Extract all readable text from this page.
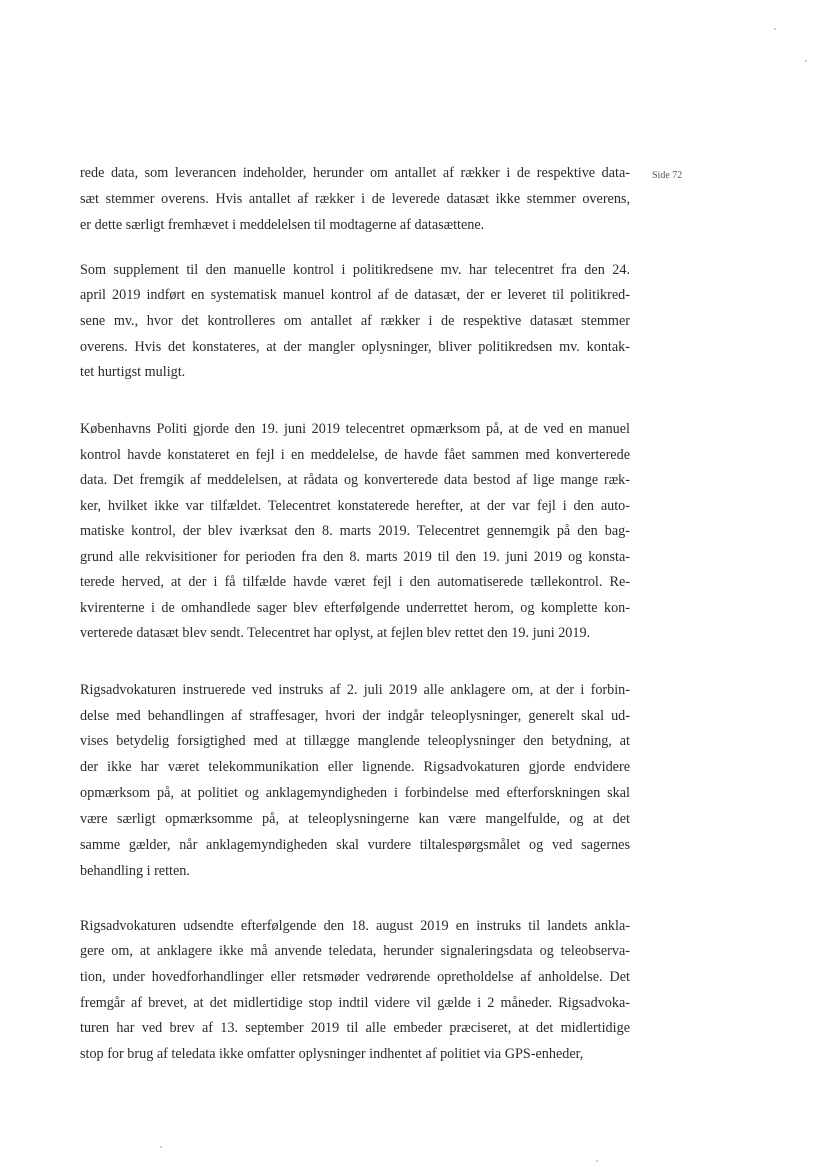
Side 72
rede data, som leverancen indeholder, herunder om antallet af rækker i de respektive data-
sæt stemmer overens. Hvis antallet af rækker i de leverede datasæt ikke stemmer overens,
er dette særligt fremhævet i meddelelsen til modtagerne af datasættene.
Som supplement til den manuelle kontrol i politikredsene mv. har telecentret fra den 24.
april 2019 indført en systematisk manuel kontrol af de datasæt, der er leveret til politikred-
sene mv., hvor det kontrolleres om antallet af rækker i de respektive datasæt stemmer
overens. Hvis det konstateres, at der mangler oplysninger, bliver politikredsen mv. kontak-
tet hurtigst muligt.
Københavns Politi gjorde den 19. juni 2019 telecentret opmærksom på, at de ved en manuel
kontrol havde konstateret en fejl i en meddelelse, de havde fået sammen med konverterede
data. Det fremgik af meddelelsen, at rådata og konverterede data bestod af lige mange ræk-
ker, hvilket ikke var tilfældet. Telecentret konstaterede herefter, at der var fejl i den auto-
matiske kontrol, der blev iværksat den 8. marts 2019. Telecentret gennemgik på den bag-
grund alle rekvisitioner for perioden fra den 8. marts 2019 til den 19. juni 2019 og konsta-
terede herved, at der i få tilfælde havde været fejl i den automatiserede tællekontrol. Re-
kvirenterne i de omhandlede sager blev efterfølgende underrettet herom, og komplette kon-
verterede datasæt blev sendt. Telecentret har oplyst, at fejlen blev rettet den 19. juni 2019.
Rigsadvokaturen instruerede ved instruks af 2. juli 2019 alle anklagere om, at der i forbin-
delse med behandlingen af straffesager, hvori der indgår teleoplysninger, generelt skal ud-
vises betydelig forsigtighed med at tillægge manglende teleoplysninger den betydning, at
der ikke har været telekommunikation eller lignende. Rigsadvokaturen gjorde endvidere
opmærksom på, at politiet og anklagemyndigheden i forbindelse med efterforskningen skal
være særligt opmærksomme på, at teleoplysningerne kan være mangelfulde, og at det
samme gælder, når anklagemyndigheden skal vurdere tiltalespørgsmålet og ved sagernes
behandling i retten.
Rigsadvokaturen udsendte efterfølgende den 18. august 2019 en instruks til landets ankla-
gere om, at anklagere ikke må anvende teledata, herunder signaleringsdata og teleobserva-
tion, under hovedforhandlinger eller retsmøder vedrørende opretholdelse af anholdelse. Det
fremgår af brevet, at det midlertidige stop indtil videre vil gælde i 2 måneder. Rigsadvoka-
turen har ved brev af 13. september 2019 til alle embeder præciseret, at det midlertidige
stop for brug af teledata ikke omfatter oplysninger indhentet af politiet via GPS-enheder,
